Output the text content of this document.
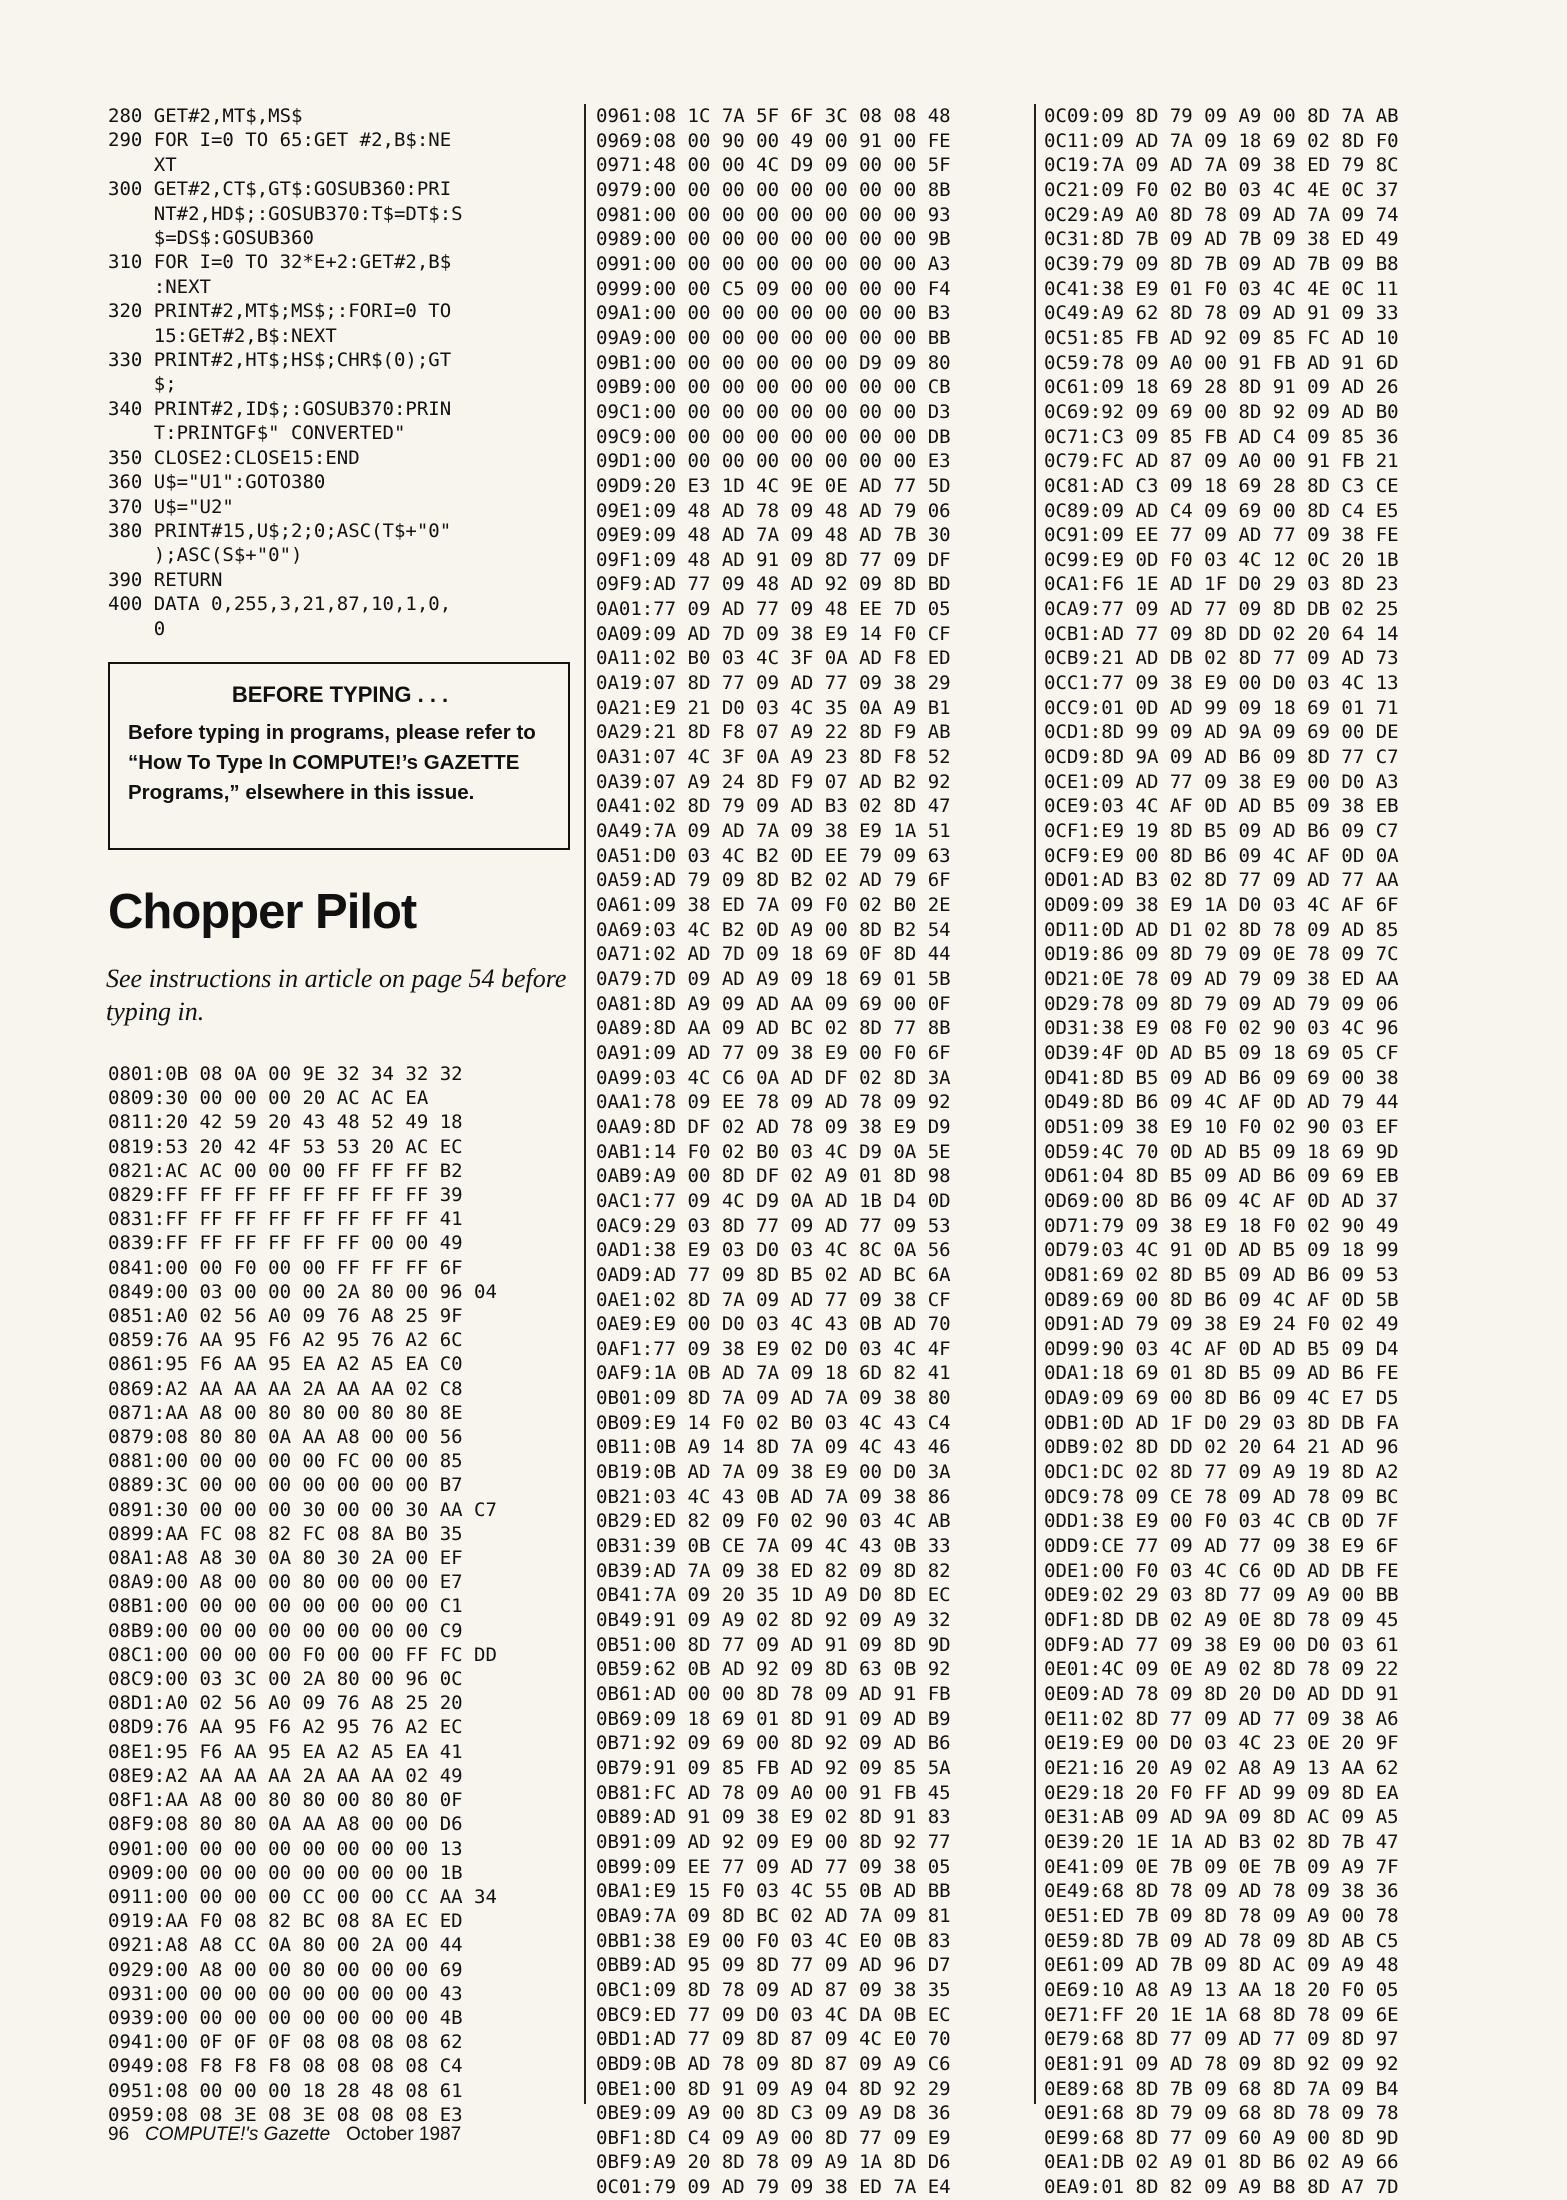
280 GET#2,MT$,MS$
290 FOR I=0 TO 65:GET #2,B$:NE
XT
300 GET#2,CT$,GT$:GOSUB360:PRI
NT#2,HD$;:GOSUB370:T$=DT$:S
$=DS$:GOSUB360
310 FOR I=0 TO 32*E+2:GET#2,B$
:NEXT
320 PRINT#2,MT$;MS$;:FORI=0 TO
15:GET#2,B$:NEXT
330 PRINT#2,HT$;HS$;CHR$(0);GT
$;
340 PRINT#2,ID$;:GOSUB370:PRIN
T:PRINTGF$" CONVERTED"
350 CLOSE2:CLOSE15:END
360 U$="U1":GOTO380
370 U$="U2"
380 PRINT#15,U$;2;0;ASC(T$+"0"
);ASC(S$+"0")
390 RETURN
400 DATA 0,255,3,21,87,10,1,0,
0
BEFORE TYPING . . .
Before typing in programs, please refer to “How To Type In COMPUTE!’s GAZETTE Programs,” elsewhere in this issue.
Chopper Pilot
See instructions in article on page 54 before typing in.
0801:0B 08 0A 00 9E 32 34 32 32
0809:30 00 00 00 20 AC AC EA
0811:20 42 59 20 43 48 52 49 18
0819:53 20 42 4F 53 53 20 AC EC
0821:AC AC 00 00 00 FF FF FF B2
0829:FF FF FF FF FF FF FF FF 39
0831:FF FF FF FF FF FF FF FF 41
0839:FF FF FF FF FF FF 00 00 49
0841:00 00 F0 00 00 FF FF FF 6F
0849:00 03 00 00 00 2A 80 00 96 04
0851:A0 02 56 A0 09 76 A8 25 9F
0859:76 AA 95 F6 A2 95 76 A2 6C
0861:95 F6 AA 95 EA A2 A5 EA C0
0869:A2 AA AA AA 2A AA AA 02 C8
0871:AA A8 00 80 80 00 80 80 8E
0879:08 80 80 0A AA A8 00 00 56
0881:00 00 00 00 00 FC 00 00 85
0889:3C 00 00 00 00 00 00 00 B7
0891:30 00 00 00 30 00 00 30 AA C7
0899:AA FC 08 82 FC 08 8A B0 35
08A1:A8 A8 30 0A 80 30 2A 00 EF
08A9:00 A8 00 00 80 00 00 00 E7
08B1:00 00 00 00 00 00 00 00 C1
08B9:00 00 00 00 00 00 00 00 C9
08C1:00 00 00 00 F0 00 00 FF FC DD
08C9:00 03 3C 00 2A 80 00 96 0C
08D1:A0 02 56 A0 09 76 A8 25 20
08D9:76 AA 95 F6 A2 95 76 A2 EC
08E1:95 F6 AA 95 EA A2 A5 EA 41
08E9:A2 AA AA AA 2A AA AA 02 49
08F1:AA A8 00 80 80 00 80 80 0F
08F9:08 80 80 0A AA A8 00 00 D6
0901:00 00 00 00 00 00 00 00 13
0909:00 00 00 00 00 00 00 00 1B
0911:00 00 00 00 CC 00 00 CC AA 34
0919:AA F0 08 82 BC 08 8A EC ED
0921:A8 A8 CC 0A 80 00 2A 00 44
0929:00 A8 00 00 80 00 00 00 69
0931:00 00 00 00 00 00 00 00 43
0939:00 00 00 00 00 00 00 00 4B
0941:00 0F 0F 0F 08 08 08 08 62
0949:08 F8 F8 F8 08 08 08 08 C4
0951:08 00 00 00 18 28 48 08 61
0959:08 08 3E 08 3E 08 08 08 E3
0961:08 1C 7A 5F 6F 3C 08 08 48
0969:08 00 90 00 49 00 91 00 FE
0971:48 00 00 4C D9 09 00 00 5F
0979:00 00 00 00 00 00 00 00 8B
0981:00 00 00 00 00 00 00 00 93
0989:00 00 00 00 00 00 00 00 9B
0991:00 00 00 00 00 00 00 00 A3
0999:00 00 C5 09 00 00 00 00 F4
09A1:00 00 00 00 00 00 00 00 B3
09A9:00 00 00 00 00 00 00 00 BB
09B1:00 00 00 00 00 00 D9 09 80
09B9:00 00 00 00 00 00 00 00 CB
09C1:00 00 00 00 00 00 00 00 D3
09C9:00 00 00 00 00 00 00 00 DB
09D1:00 00 00 00 00 00 00 00 E3
09D9:20 E3 1D 4C 9E 0E AD 77 5D
09E1:09 48 AD 78 09 48 AD 79 06
09E9:09 48 AD 7A 09 48 AD 7B 30
09F1:09 48 AD 91 09 8D 77 09 DF
09F9:AD 77 09 48 AD 92 09 8D BD
0A01:77 09 AD 77 09 48 EE 7D 05
0A09:09 AD 7D 09 38 E9 14 F0 CF
0A11:02 B0 03 4C 3F 0A AD F8 ED
0A19:07 8D 77 09 AD 77 09 38 29
0A21:E9 21 D0 03 4C 35 0A A9 B1
0A29:21 8D F8 07 A9 22 8D F9 AB
0A31:07 4C 3F 0A A9 23 8D F8 52
0A39:07 A9 24 8D F9 07 AD B2 92
0A41:02 8D 79 09 AD B3 02 8D 47
0A49:7A 09 AD 7A 09 38 E9 1A 51
0A51:D0 03 4C B2 0D EE 79 09 63
0A59:AD 79 09 8D B2 02 AD 79 6F
0A61:09 38 ED 7A 09 F0 02 B0 2E
0A69:03 4C B2 0D A9 00 8D B2 54
0A71:02 AD 7D 09 18 69 0F 8D 44
0A79:7D 09 AD A9 09 18 69 01 5B
0A81:8D A9 09 AD AA 09 69 00 0F
0A89:8D AA 09 AD BC 02 8D 77 8B
0A91:09 AD 77 09 38 E9 00 F0 6F
0A99:03 4C C6 0A AD DF 02 8D 3A
0AA1:78 09 EE 78 09 AD 78 09 92
0AA9:8D DF 02 AD 78 09 38 E9 D9
0AB1:14 F0 02 B0 03 4C D9 0A 5E
0AB9:A9 00 8D DF 02 A9 01 8D 98
0AC1:77 09 4C D9 0A AD 1B D4 0D
0AC9:29 03 8D 77 09 AD 77 09 53
0AD1:38 E9 03 D0 03 4C 8C 0A 56
0AD9:AD 77 09 8D B5 02 AD BC 6A
0AE1:02 8D 7A 09 AD 77 09 38 CF
0AE9:E9 00 D0 03 4C 43 0B AD 70
0AF1:77 09 38 E9 02 D0 03 4C 4F
0AF9:1A 0B AD 7A 09 18 6D 82 41
0B01:09 8D 7A 09 AD 7A 09 38 80
0B09:E9 14 F0 02 B0 03 4C 43 C4
0B11:0B A9 14 8D 7A 09 4C 43 46
0B19:0B AD 7A 09 38 E9 00 D0 3A
0B21:03 4C 43 0B AD 7A 09 38 86
0B29:ED 82 09 F0 02 90 03 4C AB
0B31:39 0B CE 7A 09 4C 43 0B 33
0B39:AD 7A 09 38 ED 82 09 8D 82
0B41:7A 09 20 35 1D A9 D0 8D EC
0B49:91 09 A9 02 8D 92 09 A9 32
0B51:00 8D 77 09 AD 91 09 8D 9D
0B59:62 0B AD 92 09 8D 63 0B 92
0B61:AD 00 00 8D 78 09 AD 91 FB
0B69:09 18 69 01 8D 91 09 AD B9
0B71:92 09 69 00 8D 92 09 AD B6
0B79:91 09 85 FB AD 92 09 85 5A
0B81:FC AD 78 09 A0 00 91 FB 45
0B89:AD 91 09 38 E9 02 8D 91 83
0B91:09 AD 92 09 E9 00 8D 92 77
0B99:09 EE 77 09 AD 77 09 38 05
0BA1:E9 15 F0 03 4C 55 0B AD BB
0BA9:7A 09 8D BC 02 AD 7A 09 81
0BB1:38 E9 00 F0 03 4C E0 0B 83
0BB9:AD 95 09 8D 77 09 AD 96 D7
0BC1:09 8D 78 09 AD 87 09 38 35
0BC9:ED 77 09 D0 03 4C DA 0B EC
0BD1:AD 77 09 8D 87 09 4C E0 70
0BD9:0B AD 78 09 8D 87 09 A9 C6
0BE1:00 8D 91 09 A9 04 8D 92 29
0BE9:09 A9 00 8D C3 09 A9 D8 36
0BF1:8D C4 09 A9 00 8D 77 09 E9
0BF9:A9 20 8D 78 09 A9 1A 8D D6
0C01:79 09 AD 79 09 38 ED 7A E4
0C09:09 8D 79 09 A9 00 8D 7A AB
0C11:09 AD 7A 09 18 69 02 8D F0
0C19:7A 09 AD 7A 09 38 ED 79 8C
0C21:09 F0 02 B0 03 4C 4E 0C 37
0C29:A9 A0 8D 78 09 AD 7A 09 74
0C31:8D 7B 09 AD 7B 09 38 ED 49
0C39:79 09 8D 7B 09 AD 7B 09 B8
0C41:38 E9 01 F0 03 4C 4E 0C 11
0C49:A9 62 8D 78 09 AD 91 09 33
0C51:85 FB AD 92 09 85 FC AD 10
0C59:78 09 A0 00 91 FB AD 91 6D
0C61:09 18 69 28 8D 91 09 AD 26
0C69:92 09 69 00 8D 92 09 AD B0
0C71:C3 09 85 FB AD C4 09 85 36
0C79:FC AD 87 09 A0 00 91 FB 21
0C81:AD C3 09 18 69 28 8D C3 CE
0C89:09 AD C4 09 69 00 8D C4 E5
0C91:09 EE 77 09 AD 77 09 38 FE
0C99:E9 0D F0 03 4C 12 0C 20 1B
0CA1:F6 1E AD 1F D0 29 03 8D 23
0CA9:77 09 AD 77 09 8D DB 02 25
0CB1:AD 77 09 8D DD 02 20 64 14
0CB9:21 AD DB 02 8D 77 09 AD 73
0CC1:77 09 38 E9 00 D0 03 4C 13
0CC9:01 0D AD 99 09 18 69 01 71
0CD1:8D 99 09 AD 9A 09 69 00 DE
0CD9:8D 9A 09 AD B6 09 8D 77 C7
0CE1:09 AD 77 09 38 E9 00 D0 A3
0CE9:03 4C AF 0D AD B5 09 38 EB
0CF1:E9 19 8D B5 09 AD B6 09 C7
0CF9:E9 00 8D B6 09 4C AF 0D 0A
0D01:AD B3 02 8D 77 09 AD 77 AA
0D09:09 38 E9 1A D0 03 4C AF 6F
0D11:0D AD D1 02 8D 78 09 AD 85
0D19:86 09 8D 79 09 0E 78 09 7C
0D21:0E 78 09 AD 79 09 38 ED AA
0D29:78 09 8D 79 09 AD 79 09 06
0D31:38 E9 08 F0 02 90 03 4C 96
0D39:4F 0D AD B5 09 18 69 05 CF
0D41:8D B5 09 AD B6 09 69 00 38
0D49:8D B6 09 4C AF 0D AD 79 44
0D51:09 38 E9 10 F0 02 90 03 EF
0D59:4C 70 0D AD B5 09 18 69 9D
0D61:04 8D B5 09 AD B6 09 69 EB
0D69:00 8D B6 09 4C AF 0D AD 37
0D71:79 09 38 E9 18 F0 02 90 49
0D79:03 4C 91 0D AD B5 09 18 99
0D81:69 02 8D B5 09 AD B6 09 53
0D89:69 00 8D B6 09 4C AF 0D 5B
0D91:AD 79 09 38 E9 24 F0 02 49
0D99:90 03 4C AF 0D AD B5 09 D4
0DA1:18 69 01 8D B5 09 AD B6 FE
0DA9:09 69 00 8D B6 09 4C E7 D5
0DB1:0D AD 1F D0 29 03 8D DB FA
0DB9:02 8D DD 02 20 64 21 AD 96
0DC1:DC 02 8D 77 09 A9 19 8D A2
0DC9:78 09 CE 78 09 AD 78 09 BC
0DD1:38 E9 00 F0 03 4C CB 0D 7F
0DD9:CE 77 09 AD 77 09 38 E9 6F
0DE1:00 F0 03 4C C6 0D AD DB FE
0DE9:02 29 03 8D 77 09 A9 00 BB
0DF1:8D DB 02 A9 0E 8D 78 09 45
0DF9:AD 77 09 38 E9 00 D0 03 61
0E01:4C 09 0E A9 02 8D 78 09 22
0E09:AD 78 09 8D 20 D0 AD DD 91
0E11:02 8D 77 09 AD 77 09 38 A6
0E19:E9 00 D0 03 4C 23 0E 20 9F
0E21:16 20 A9 02 A8 A9 13 AA 62
0E29:18 20 F0 FF AD 99 09 8D EA
0E31:AB 09 AD 9A 09 8D AC 09 A5
0E39:20 1E 1A AD B3 02 8D 7B 47
0E41:09 0E 7B 09 0E 7B 09 A9 7F
0E49:68 8D 78 09 AD 78 09 38 36
0E51:ED 7B 09 8D 78 09 A9 00 78
0E59:8D 7B 09 AD 78 09 8D AB C5
0E61:09 AD 7B 09 8D AC 09 A9 48
0E69:10 A8 A9 13 AA 18 20 F0 05
0E71:FF 20 1E 1A 68 8D 78 09 6E
0E79:68 8D 77 09 AD 77 09 8D 97
0E81:91 09 AD 78 09 8D 92 09 92
0E89:68 8D 7B 09 68 8D 7A 09 B4
0E91:68 8D 79 09 68 8D 78 09 78
0E99:68 8D 77 09 60 A9 00 8D 9D
0EA1:DB 02 A9 01 8D B6 02 A9 66
0EA9:01 8D 82 09 A9 B8 8D A7 7D
96 COMPUTE!'s Gazette October 1987
